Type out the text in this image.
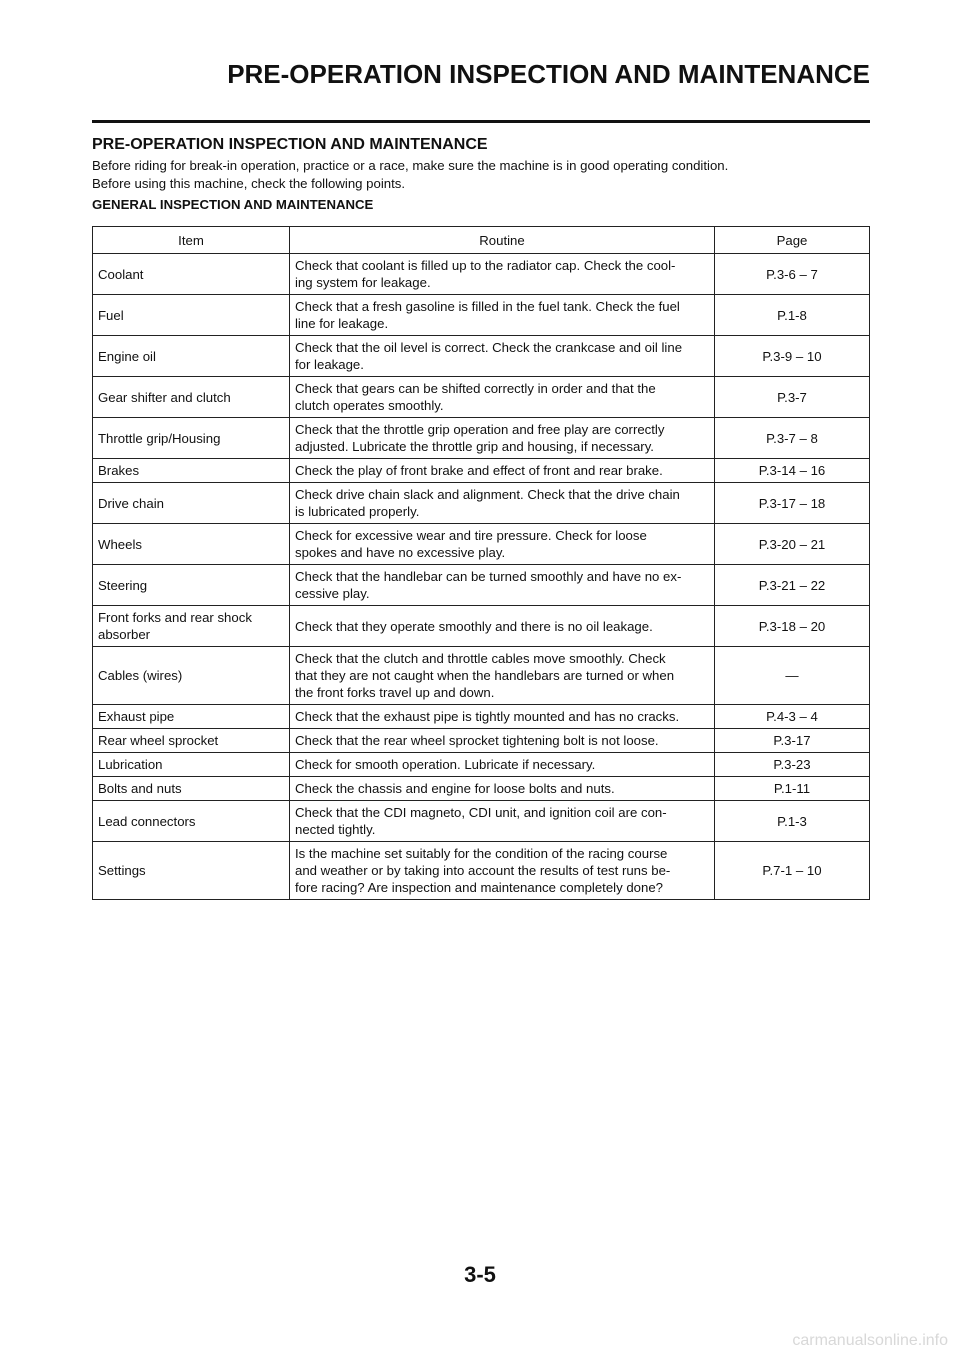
PRE-OPERATION INSPECTION AND MAINTENANCE
PRE-OPERATION INSPECTION AND MAINTENANCE

Before riding for break-in operation, practice or a race, make sure the machine is in good operating condition.

Before using this machine, check the following points.

GENERAL INSPECTION AND MAINTENANCE

Item	Routine	Page
Coolant	Check that coolant is filled up to the radiator cap. Check the cool-
ing system for leakage.	P.3-6 – 7
Fuel	Check that a fresh gasoline is filled in the fuel tank. Check the fuel
line for leakage.	P.1-8
Engine oil	Check that the oil level is correct. Check the crankcase and oil line
for leakage.	P.3-9 – 10
Gear shifter and clutch	Check that gears can be shifted correctly in order and that the
clutch operates smoothly.	P.3-7
Throttle grip/Housing	Check that the throttle grip operation and free play are correctly
adjusted. Lubricate the throttle grip and housing, if necessary.	P.3-7 – 8
Brakes	Check the play of front brake and effect of front and rear brake.	P.3-14 – 16
Drive chain	Check drive chain slack and alignment. Check that the drive chain
is lubricated properly.	P.3-17 – 18
Wheels	Check for excessive wear and tire pressure. Check for loose
spokes and have no excessive play.	P.3-20 – 21
Steering	Check that the handlebar can be turned smoothly and have no ex-
cessive play.	P.3-21 – 22
Front forks and rear shock
absorber	Check that they operate smoothly and there is no oil leakage.	P.3-18 – 20
Cables (wires)	Check that the clutch and throttle cables move smoothly. Check
that they are not caught when the handlebars are turned or when
the front forks travel up and down.	—
Exhaust pipe	Check that the exhaust pipe is tightly mounted and has no cracks.	P.4-3 – 4
Rear wheel sprocket	Check that the rear wheel sprocket tightening bolt is not loose.	P.3-17
Lubrication	Check for smooth operation. Lubricate if necessary.	P.3-23
Bolts and nuts	Check the chassis and engine for loose bolts and nuts.	P.1-11
Lead connectors	Check that the CDI magneto, CDI unit, and ignition coil are con-
nected tightly.	P.1-3
Settings	Is the machine set suitably for the condition of the racing course
and weather or by taking into account the results of test runs be-
fore racing? Are inspection and maintenance completely done?	P.7-1 – 10
3-5
carmanualsonline.info
